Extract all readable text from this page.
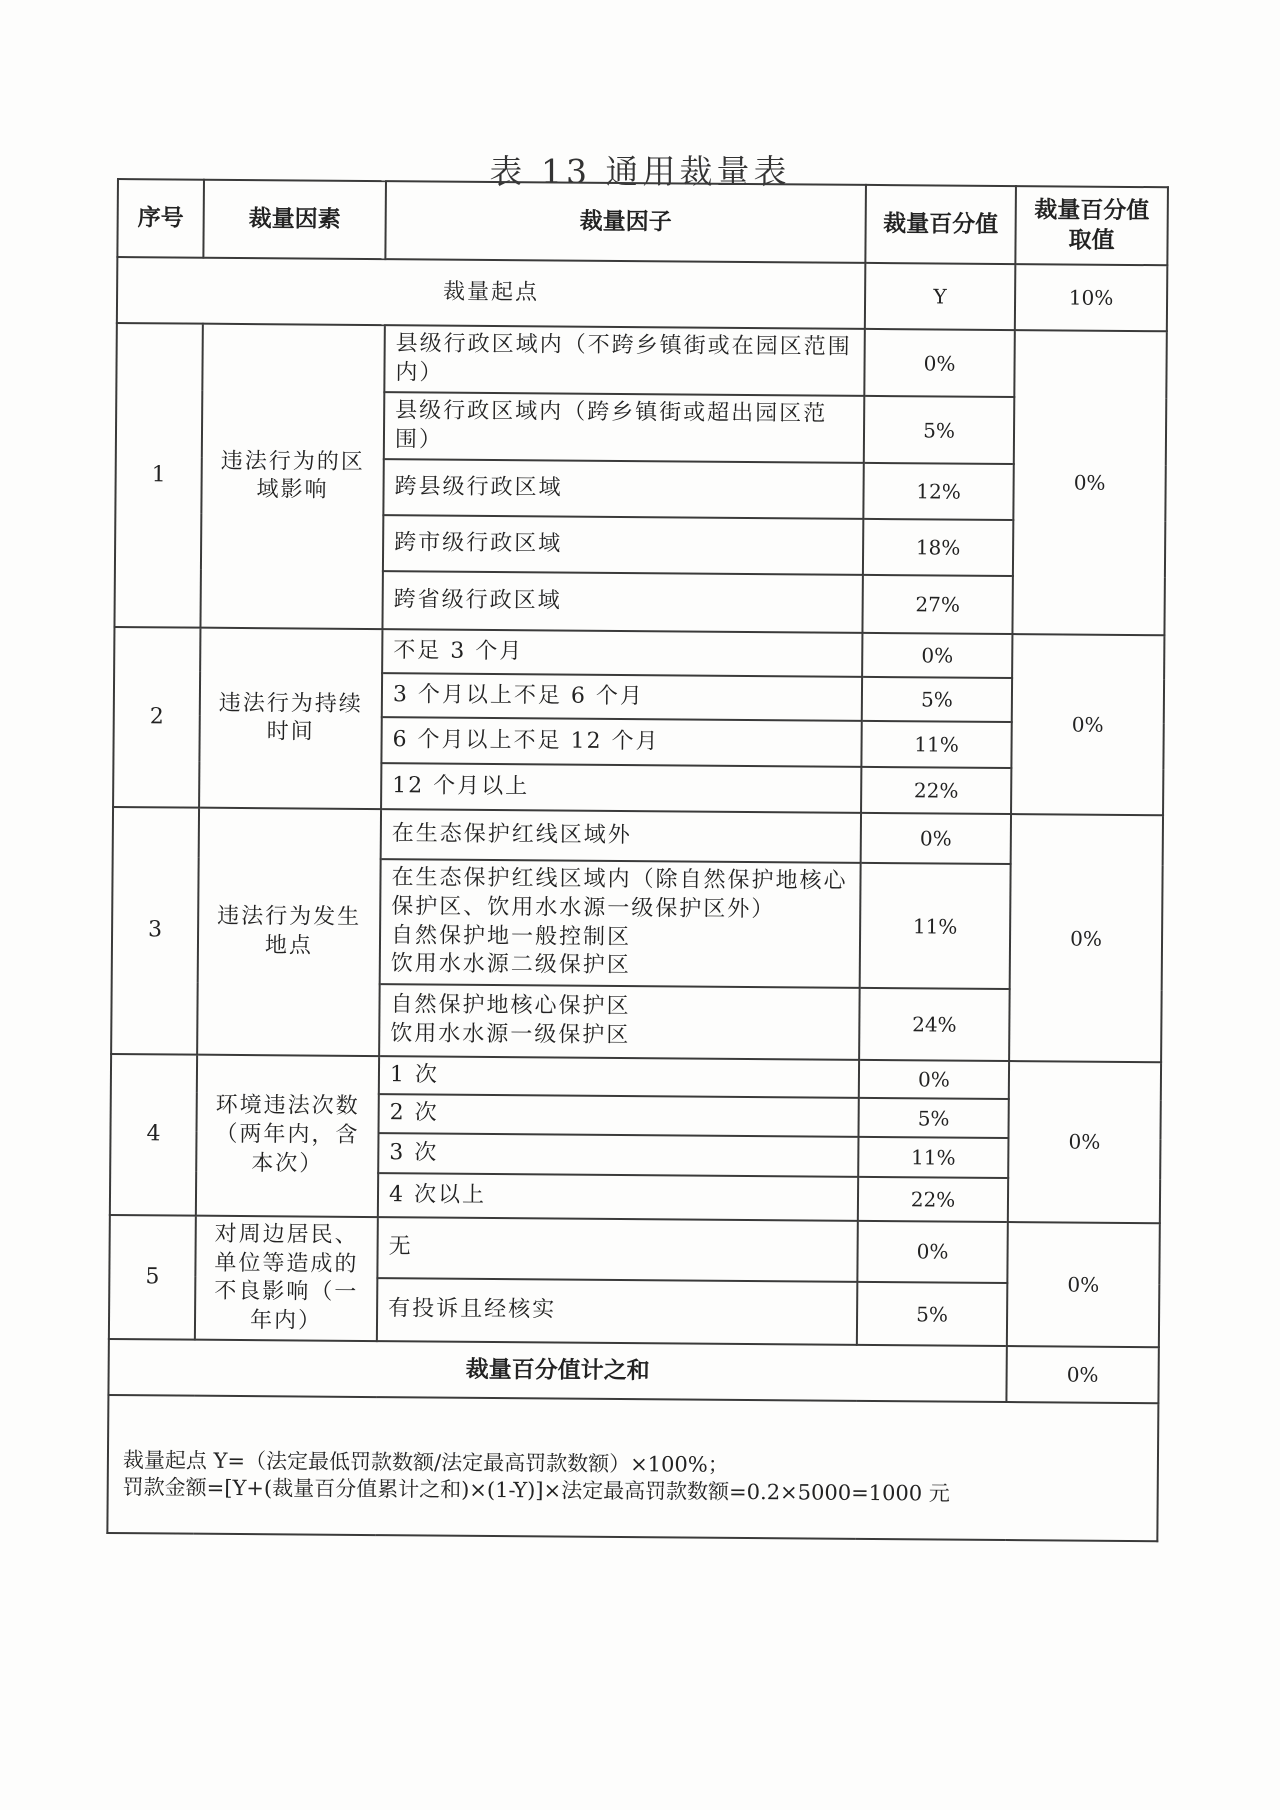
表 13 通用裁量表
序号	裁量因素	裁量因子	裁量百分值	裁量百分值取值
裁量起点			Y	10%
1	违法行为的区域影响	县级行政区域内（不跨乡镇街或在园区范围内）	0%	0%
		县级行政区域内（跨乡镇街或超出园区范围）	5%	
		跨县级行政区域	12%	
		跨市级行政区域	18%	
		跨省级行政区域	27%	
2	违法行为持续时间	不足 3 个月	0%	0%
		3 个月以上不足 6 个月	5%	
		6 个月以上不足 12 个月	11%	
		12 个月以上	22%	
3	违法行为发生地点	在生态保护红线区域外	0%	0%
		在生态保护红线区域内（除自然保护地核心保护区、饮用水水源一级保护区外）
自然保护地一般控制区
饮用水水源二级保护区	11%	
		自然保护地核心保护区
饮用水水源一级保护区	24%	
4	环境违法次数（两年内，含本次）	1 次	0%	0%
		2 次	5%	
		3 次	11%	
		4 次以上	22%	
5	对周边居民、单位等造成的不良影响（一年内）	无	0%	0%
		有投诉且经核实	5%	
裁量百分值计之和				0%

裁量起点 Y=（法定最低罚款数额/法定最高罚款数额）×100%；
罚款金额=[Y+(裁量百分值累计之和)×(1-Y)]×法定最高罚款数额=0.2×5000=1000 元				
